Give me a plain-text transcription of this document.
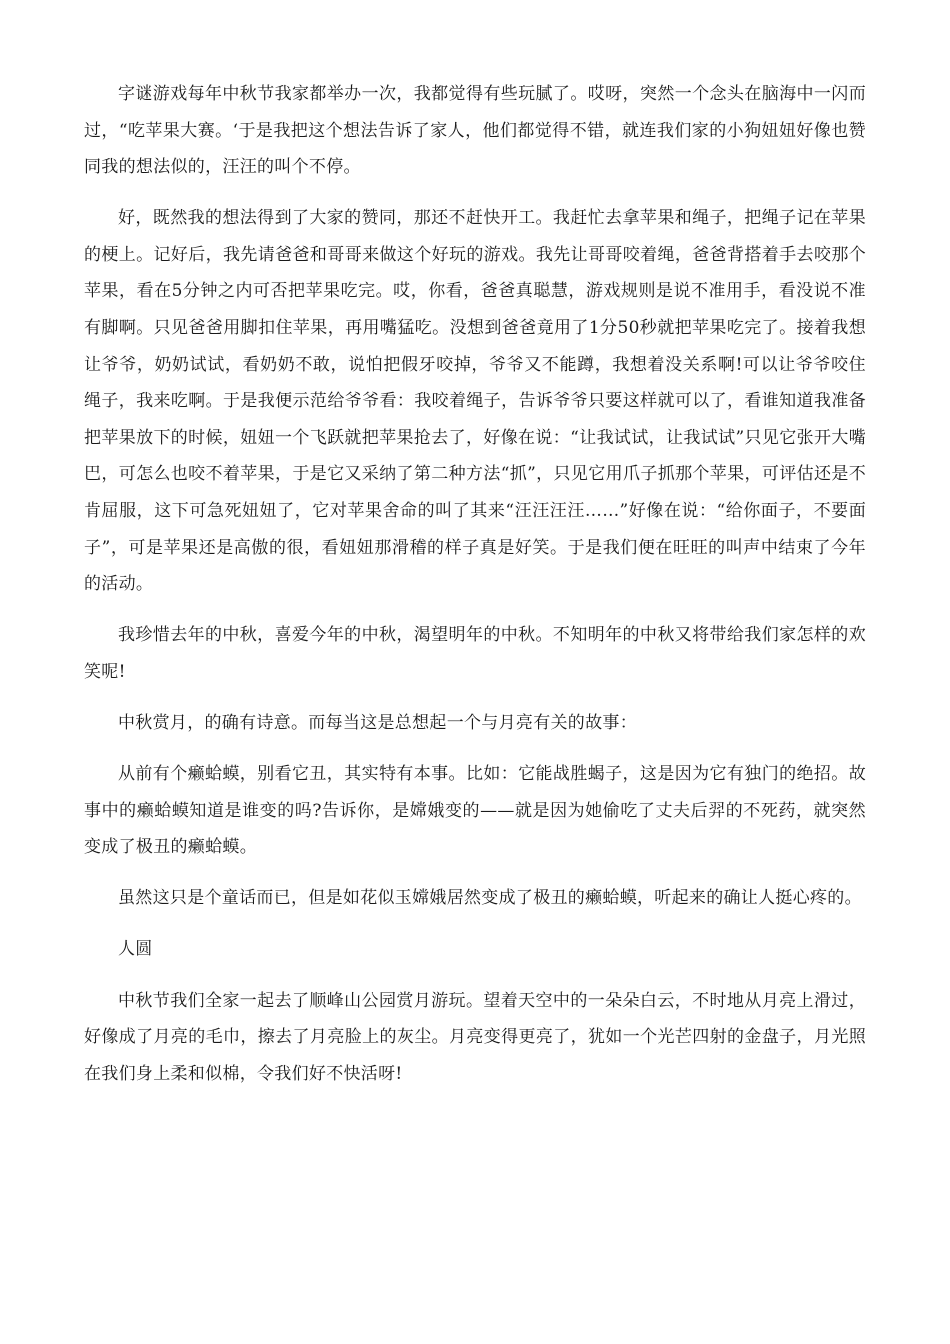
字谜游戏每年中秋节我家都举办一次，我都觉得有些玩腻了。哎呀，突然一个念头在脑海中一闪而过，“吃苹果大赛。‘于是我把这个想法告诉了家人，他们都觉得不错，就连我们家的小狗妞妞好像也赞同我的想法似的，汪汪的叫个不停。

好，既然我的想法得到了大家的赞同，那还不赶快开工。我赶忙去拿苹果和绳子，把绳子记在苹果的梗上。记好后，我先请爸爸和哥哥来做这个好玩的游戏。我先让哥哥咬着绳，爸爸背搭着手去咬那个苹果，看在5分钟之内可否把苹果吃完。哎，你看，爸爸真聪慧，游戏规则是说不准用手，看没说不准有脚啊。只见爸爸用脚扣住苹果，再用嘴猛吃。没想到爸爸竟用了1分50秒就把苹果吃完了。接着我想让爷爷，奶奶试试，看奶奶不敢，说怕把假牙咬掉，爷爷又不能蹲，我想着没关系啊!可以让爷爷咬住绳子，我来吃啊。于是我便示范给爷爷看：我咬着绳子，告诉爷爷只要这样就可以了，看谁知道我准备把苹果放下的时候，妞妞一个飞跃就把苹果抢去了，好像在说：“让我试试，让我试试”只见它张开大嘴巴，可怎么也咬不着苹果，于是它又采纳了第二种方法“抓”，只见它用爪子抓那个苹果，可评估还是不肯屈服，这下可急死妞妞了，它对苹果舍命的叫了其来“汪汪汪汪……”好像在说：“给你面子，不要面子”，可是苹果还是高傲的很，看妞妞那滑稽的样子真是好笑。于是我们便在旺旺的叫声中结束了今年的活动。

我珍惜去年的中秋，喜爱今年的中秋，渴望明年的中秋。不知明年的中秋又将带给我们家怎样的欢笑呢!

中秋赏月，的确有诗意。而每当这是总想起一个与月亮有关的故事：

从前有个癞蛤蟆，别看它丑，其实特有本事。比如：它能战胜蝎子，这是因为它有独门的绝招。故事中的癞蛤蟆知道是谁变的吗?告诉你，是嫦娥变的——就是因为她偷吃了丈夫后羿的不死药，就突然变成了极丑的癞蛤蟆。

虽然这只是个童话而已，但是如花似玉嫦娥居然变成了极丑的癞蛤蟆，听起来的确让人挺心疼的。

人圆

中秋节我们全家一起去了顺峰山公园赏月游玩。望着天空中的一朵朵白云，不时地从月亮上滑过，好像成了月亮的毛巾，擦去了月亮脸上的灰尘。月亮变得更亮了，犹如一个光芒四射的金盘子，月光照在我们身上柔和似棉，令我们好不快活呀!
